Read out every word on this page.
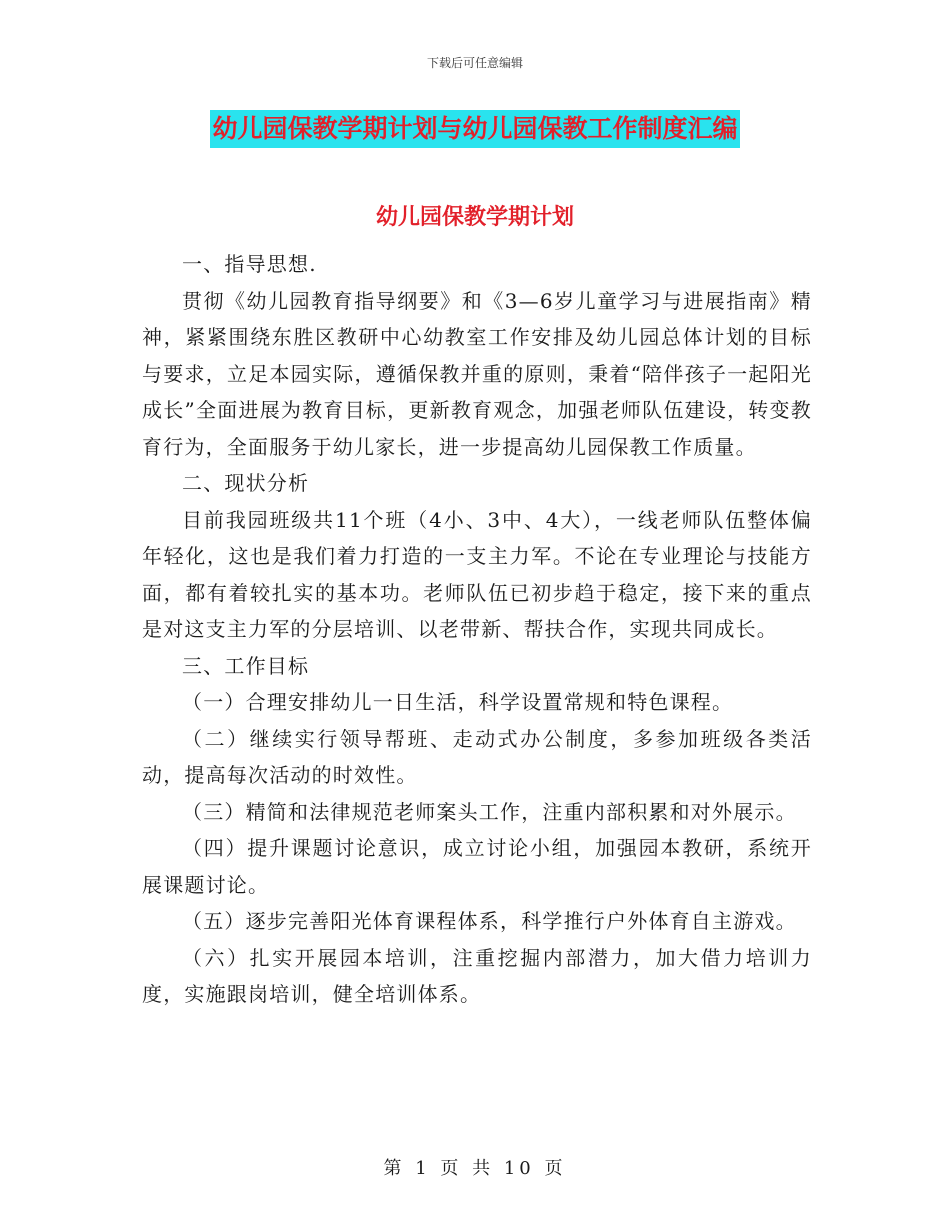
下载后可任意编辑
幼儿园保教学期计划与幼儿园保教工作制度汇编
幼儿园保教学期计划

一、指导思想.

贯彻《幼儿园教育指导纲要》和《3—6岁儿童学习与进展指南》精神，紧紧围绕东胜区教研中心幼教室工作安排及幼儿园总体计划的目标与要求，立足本园实际，遵循保教并重的原则，秉着“陪伴孩子一起阳光成长”全面进展为教育目标，更新教育观念，加强老师队伍建设，转变教育行为，全面服务于幼儿家长，进一步提高幼儿园保教工作质量。

二、现状分析

目前我园班级共11个班（4小、3中、4大），一线老师队伍整体偏年轻化，这也是我们着力打造的一支主力军。不论在专业理论与技能方面，都有着较扎实的基本功。老师队伍已初步趋于稳定，接下来的重点是对这支主力军的分层培训、以老带新、帮扶合作，实现共同成长。

三、工作目标

（一）合理安排幼儿一日生活，科学设置常规和特色课程。

（二）继续实行领导帮班、走动式办公制度，多参加班级各类活动，提高每次活动的时效性。

（三）精简和法律规范老师案头工作，注重内部积累和对外展示。

（四）提升课题讨论意识，成立讨论小组，加强园本教研，系统开展课题讨论。

（五）逐步完善阳光体育课程体系，科学推行户外体育自主游戏。

（六）扎实开展园本培训，注重挖掘内部潜力，加大借力培训力度，实施跟岗培训，健全培训体系。

第 1 页 共 10 页
